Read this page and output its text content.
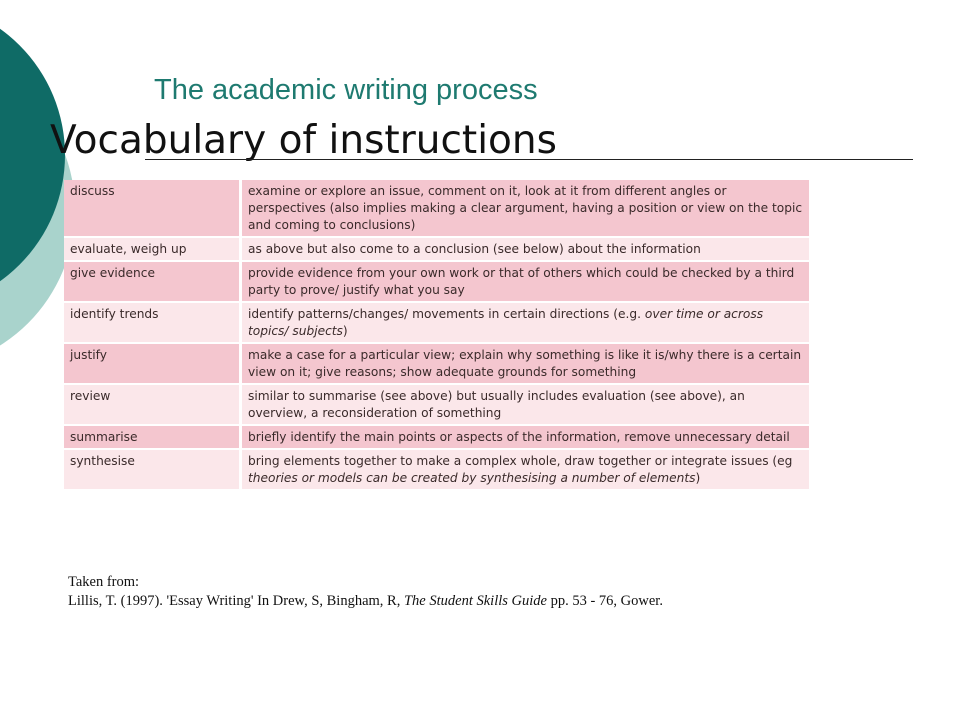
The academic writing process
Vocabulary of instructions
discuss	examine or explore an issue, comment on it, look at it from different angles or perspectives (also implies making a clear argument, having a position or view on the topic and coming to conclusions)
evaluate, weigh up	as above but also come to a conclusion (see below) about the information
give evidence	provide evidence from your own work or that of others which could be checked by a third party to prove/ justify what you say
identify trends	identify patterns/changes/ movements in certain directions (e.g. over time or across topics/ subjects)
justify	make a case for a particular view; explain why something is like it is/why there is a certain view on it; give reasons; show adequate grounds for something
review	similar to summarise (see above) but usually includes evaluation (see above), an overview, a reconsideration of something
summarise	briefly identify the main points or aspects of the information, remove unnecessary detail
synthesise	bring elements together to make a complex whole, draw together or integrate issues (eg theories or models can be created by synthesising a number of elements)
Taken from:
Lillis, T. (1997). 'Essay Writing' In Drew, S, Bingham, R, The Student Skills Guide pp. 53 - 76, Gower.
